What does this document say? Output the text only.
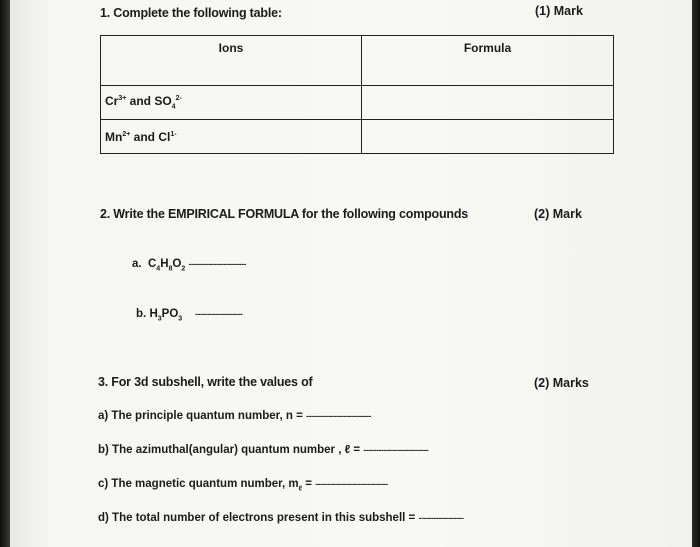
1. Complete the following table:	(1) Mark
Ions	Formula

$Cr^{3+}$ and $SO_4^{2-}$	
$Mn^{2+}$ and $Cl^{1-}$	
2. Write the EMPIRICAL FORMULA for the following compounds	(2) Mark
a. $C_4H_8O_2$ -----------------------
b. $H_3PO_3$ -------------------
3. For 3d subshell, write the values of	(2) Marks
a) The principle quantum number, n = --------------------------
b) The azimuthal(angular) quantum number , ℓ = --------------------------
c) The magnetic quantum number, $m_\ell$ = -----------------------------
d) The total number of electrons present in this subshell = ------------------
